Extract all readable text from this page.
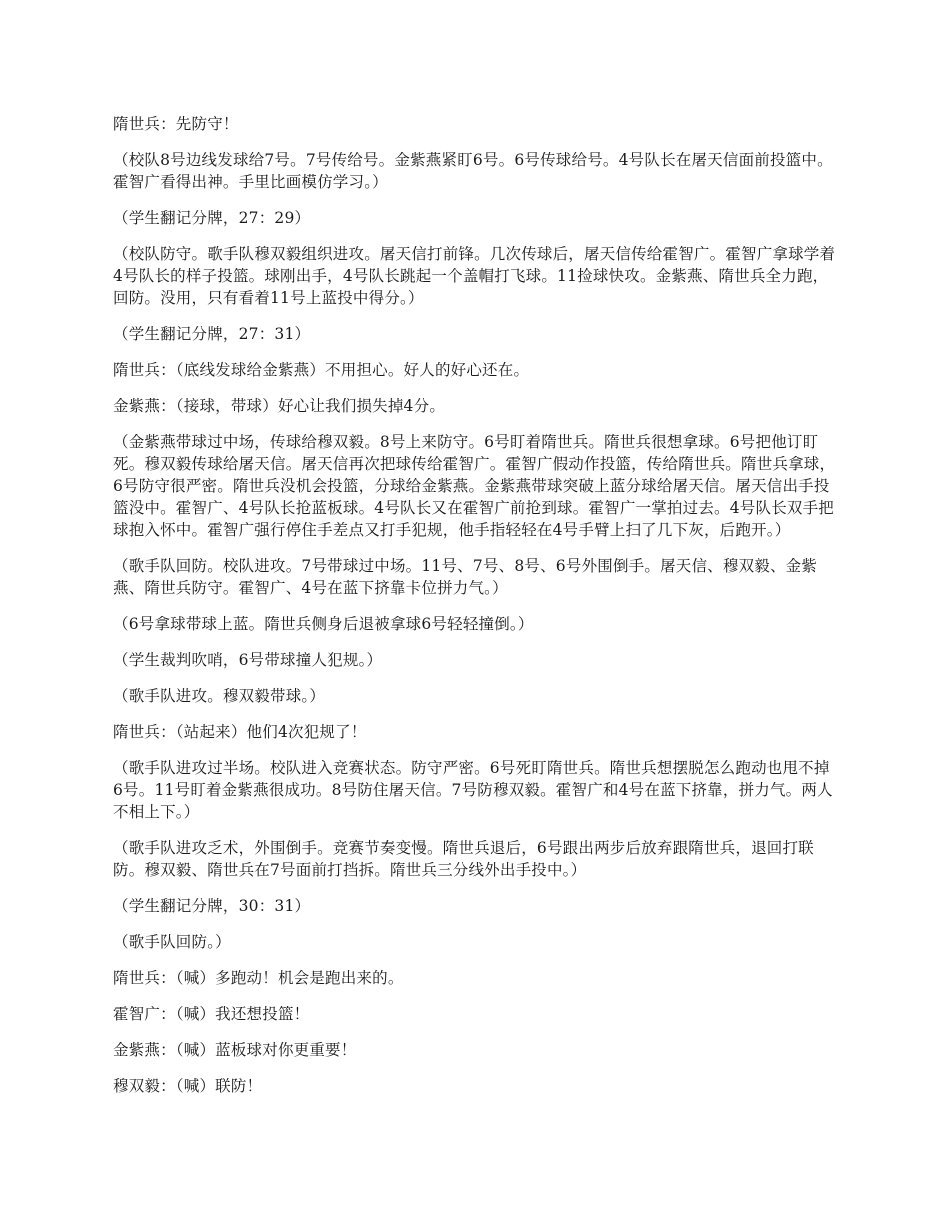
隋世兵：先防守！

（校队8号边线发球给7号。7号传给号。金紫燕紧盯6号。6号传球给号。4号队长在屠天信面前投篮中。霍智广看得出神。手里比画模仿学习。）

（学生翻记分牌，27：29）

（校队防守。歌手队穆双毅组织进攻。屠天信打前锋。几次传球后，屠天信传给霍智广。霍智广拿球学着4号队长的样子投篮。球刚出手，4号队长跳起一个盖帽打飞球。11捡球快攻。金紫燕、隋世兵全力跑，回防。没用，只有看着11号上蓝投中得分。）

（学生翻记分牌，27：31）

隋世兵：（底线发球给金紫燕）不用担心。好人的好心还在。

金紫燕：（接球，带球）好心让我们损失掉4分。

（金紫燕带球过中场，传球给穆双毅。8号上来防守。6号盯着隋世兵。隋世兵很想拿球。6号把他订盯死。穆双毅传球给屠天信。屠天信再次把球传给霍智广。霍智广假动作投篮，传给隋世兵。隋世兵拿球，6号防守很严密。隋世兵没机会投篮，分球给金紫燕。金紫燕带球突破上蓝分球给屠天信。屠天信出手投篮没中。霍智广、4号队长抢蓝板球。4号队长又在霍智广前抢到球。霍智广一掌拍过去。4号队长双手把球抱入怀中。霍智广强行停住手差点又打手犯规，他手指轻轻在4号手臂上扫了几下灰，后跑开。）

（歌手队回防。校队进攻。7号带球过中场。11号、7号、8号、6号外围倒手。屠天信、穆双毅、金紫燕、隋世兵防守。霍智广、4号在蓝下挤靠卡位拼力气。）

（6号拿球带球上蓝。隋世兵侧身后退被拿球6号轻轻撞倒。）

（学生裁判吹哨，6号带球撞人犯规。）

（歌手队进攻。穆双毅带球。）

隋世兵：（站起来）他们4次犯规了！

（歌手队进攻过半场。校队进入竞赛状态。防守严密。6号死盯隋世兵。隋世兵想摆脱怎么跑动也甩不掉6号。11号盯着金紫燕很成功。8号防住屠天信。7号防穆双毅。霍智广和4号在蓝下挤靠，拼力气。两人不相上下。）

（歌手队进攻乏术，外围倒手。竞赛节奏变慢。隋世兵退后，6号跟出两步后放弃跟隋世兵，退回打联防。穆双毅、隋世兵在7号面前打挡拆。隋世兵三分线外出手投中。）

（学生翻记分牌，30：31）

（歌手队回防。）

隋世兵：（喊）多跑动！机会是跑出来的。

霍智广：（喊）我还想投篮！

金紫燕：（喊）蓝板球对你更重要！

穆双毅：（喊）联防！
